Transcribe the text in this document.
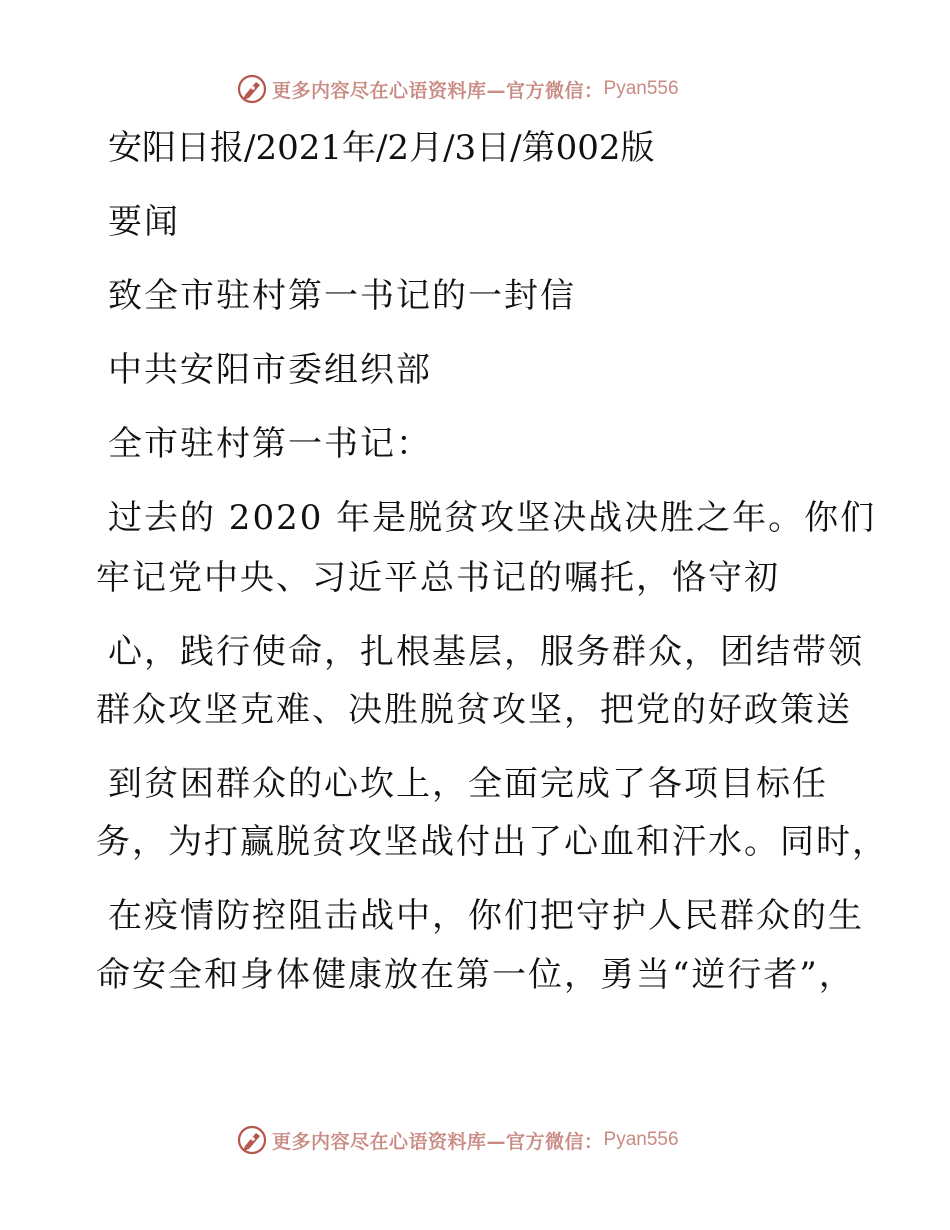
更多内容尽在心语资料库—官方微信： Pyan556
安阳日报/2021年/2月/3日/第002版
要闻
致全市驻村第一书记的一封信
中共安阳市委组织部
全市驻村第一书记：
过去的 2020 年是脱贫攻坚决战决胜之年。你们
牢记党中央、习近平总书记的嘱托，恪守初
心，践行使命，扎根基层，服务群众，团结带领
群众攻坚克难、决胜脱贫攻坚，把党的好政策送
到贫困群众的心坎上，全面完成了各项目标任
务，为打赢脱贫攻坚战付出了心血和汗水。同时，
在疫情防控阻击战中，你们把守护人民群众的生
命安全和身体健康放在第一位，勇当“逆行者”，
更多内容尽在心语资料库—官方微信： Pyan556
